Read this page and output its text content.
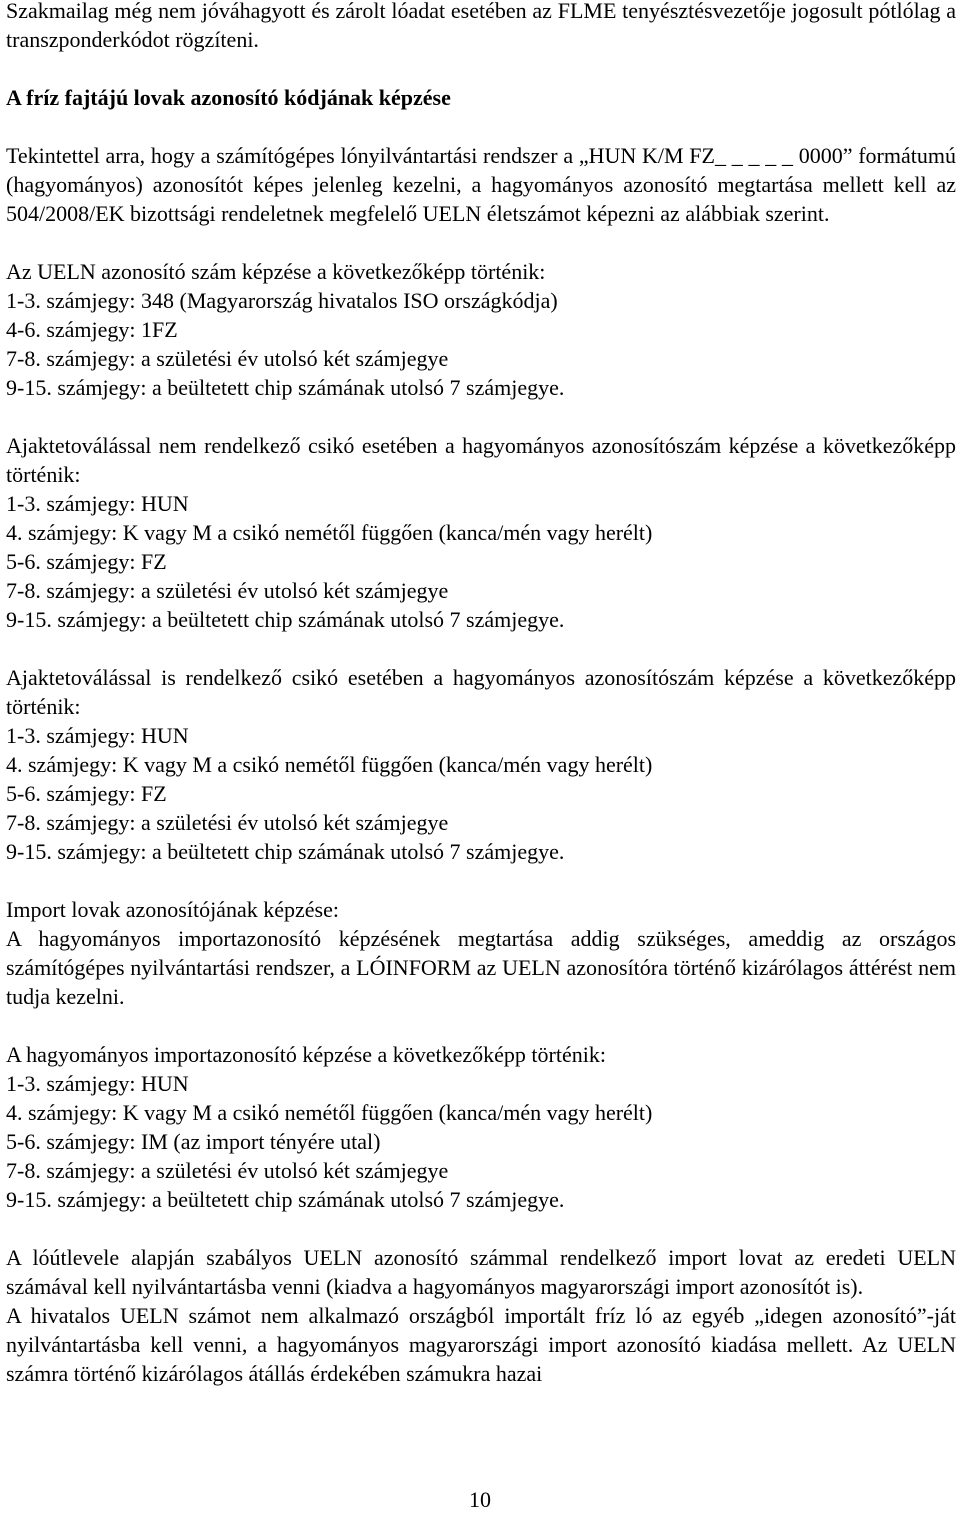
Szakmailag még nem jóváhagyott és zárolt lóadat esetében az FLME tenyésztésvezetője jogosult pótlólag a transzponderkódot rögzíteni.

A fríz fajtájú lovak azonosító kódjának képzése

Tekintettel arra, hogy a számítógépes lónyilvántartási rendszer a „HUN K/M FZ_ _ _ _ _ 0000” formátumú (hagyományos) azonosítót képes jelenleg kezelni, a hagyományos azonosító megtartása mellett kell az 504/2008/EK bizottsági rendeletnek megfelelő UELN életszámot képezni az alábbiak szerint.

Az UELN azonosító szám képzése a következőképp történik:

1-3. számjegy: 348 (Magyarország hivatalos ISO országkódja)

4-6. számjegy: 1FZ

7-8. számjegy: a születési év utolsó két számjegye

9-15. számjegy: a beültetett chip számának utolsó 7 számjegye.

Ajaktetoválással nem rendelkező csikó esetében a hagyományos azonosítószám képzése a következőképp történik:

1-3. számjegy: HUN

4. számjegy: K vagy M a csikó nemétől függően (kanca/mén vagy herélt)

5-6. számjegy: FZ

7-8. számjegy: a születési év utolsó két számjegye

9-15. számjegy: a beültetett chip számának utolsó 7 számjegye.

Ajaktetoválással is rendelkező csikó esetében a hagyományos azonosítószám képzése a következőképp történik:

1-3. számjegy: HUN

4. számjegy: K vagy M a csikó nemétől függően (kanca/mén vagy herélt)

5-6. számjegy: FZ

7-8. számjegy: a születési év utolsó két számjegye

9-15. számjegy: a beültetett chip számának utolsó 7 számjegye.

Import lovak azonosítójának képzése:

A hagyományos importazonosító képzésének megtartása addig szükséges, ameddig az országos számítógépes nyilvántartási rendszer, a LÓINFORM az UELN azonosítóra történő kizárólagos áttérést nem tudja kezelni.

A hagyományos importazonosító képzése a következőképp történik:

1-3. számjegy: HUN

4. számjegy: K vagy M a csikó nemétől függően (kanca/mén vagy herélt)

5-6. számjegy: IM (az import tényére utal)

7-8. számjegy: a születési év utolsó két számjegye

9-15. számjegy: a beültetett chip számának utolsó 7 számjegye.

A lóútlevele alapján szabályos UELN azonosító számmal rendelkező import lovat az eredeti UELN számával kell nyilvántartásba venni (kiadva a hagyományos magyarországi import azonosítót is).

A hivatalos UELN számot nem alkalmazó országból importált fríz ló az egyéb „idegen azonosító”-ját nyilvántartásba kell venni, a hagyományos magyarországi import azonosító kiadása mellett. Az UELN számra történő kizárólagos átállás érdekében számukra hazai

10
